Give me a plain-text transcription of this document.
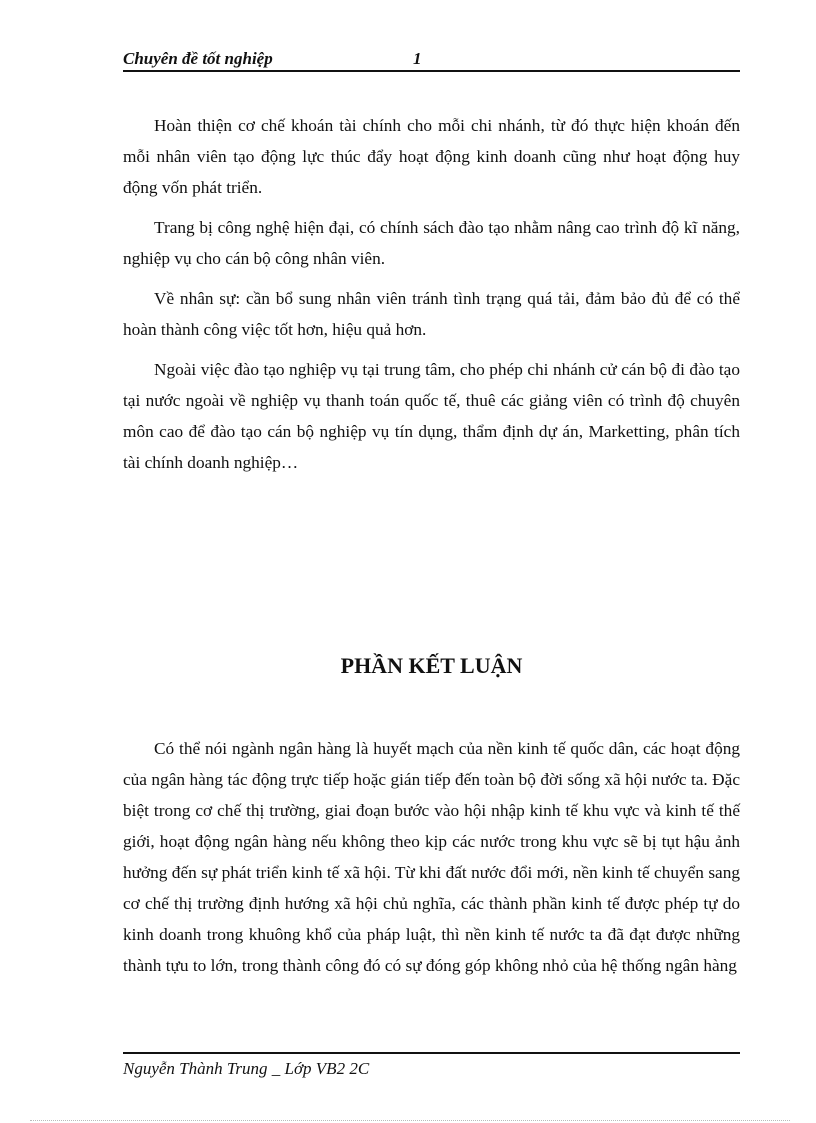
Chuyên đề tốt nghiệp	1

Hoàn thiện cơ chế khoán tài chính cho mỗi chi nhánh, từ đó thực hiện khoán đến mỗi nhân viên tạo động lực thúc đẩy hoạt động kinh doanh cũng như hoạt động huy động vốn phát triển.

Trang bị công nghệ hiện đại, có chính sách đào tạo nhằm nâng cao trình độ kĩ năng, nghiệp vụ cho cán bộ công nhân viên.

Về nhân sự: cần bổ sung nhân viên tránh tình trạng quá tải, đảm bảo đủ để có thể hoàn thành công việc tốt hơn, hiệu quả hơn.

Ngoài việc đào tạo nghiệp vụ tại trung tâm, cho phép chi nhánh cử cán bộ đi đào tạo tại nước ngoài về nghiệp vụ thanh toán quốc tế, thuê các giảng viên có trình độ chuyên môn cao để đào tạo cán bộ nghiệp vụ tín dụng, thẩm định dự án, Marketting, phân tích tài chính doanh nghiệp…

PHẦN KẾT LUẬN

Có thể nói ngành ngân hàng là huyết mạch của nền kinh tế quốc dân, các hoạt động của ngân hàng tác động trực tiếp hoặc gián tiếp đến toàn bộ đời sống xã hội nước ta. Đặc biệt trong cơ chế thị trường, giai đoạn bước vào hội nhập kinh tế khu vực và kinh tế thế giới, hoạt động ngân hàng nếu không theo kịp các nước trong khu vực sẽ bị tụt hậu ảnh hưởng đến sự phát triển kinh tế xã hội. Từ khi đất nước đổi mới, nền kinh tế chuyển sang cơ chế thị trường định hướng xã hội chủ nghĩa, các thành phần kinh tế được phép tự do kinh doanh trong khuông khổ của pháp luật, thì nền kinh tế nước ta đã đạt được những thành tựu to lớn, trong thành công đó có sự đóng góp không nhỏ của hệ thống ngân hàng

Nguyễn Thành Trung _ Lớp VB2 2C
